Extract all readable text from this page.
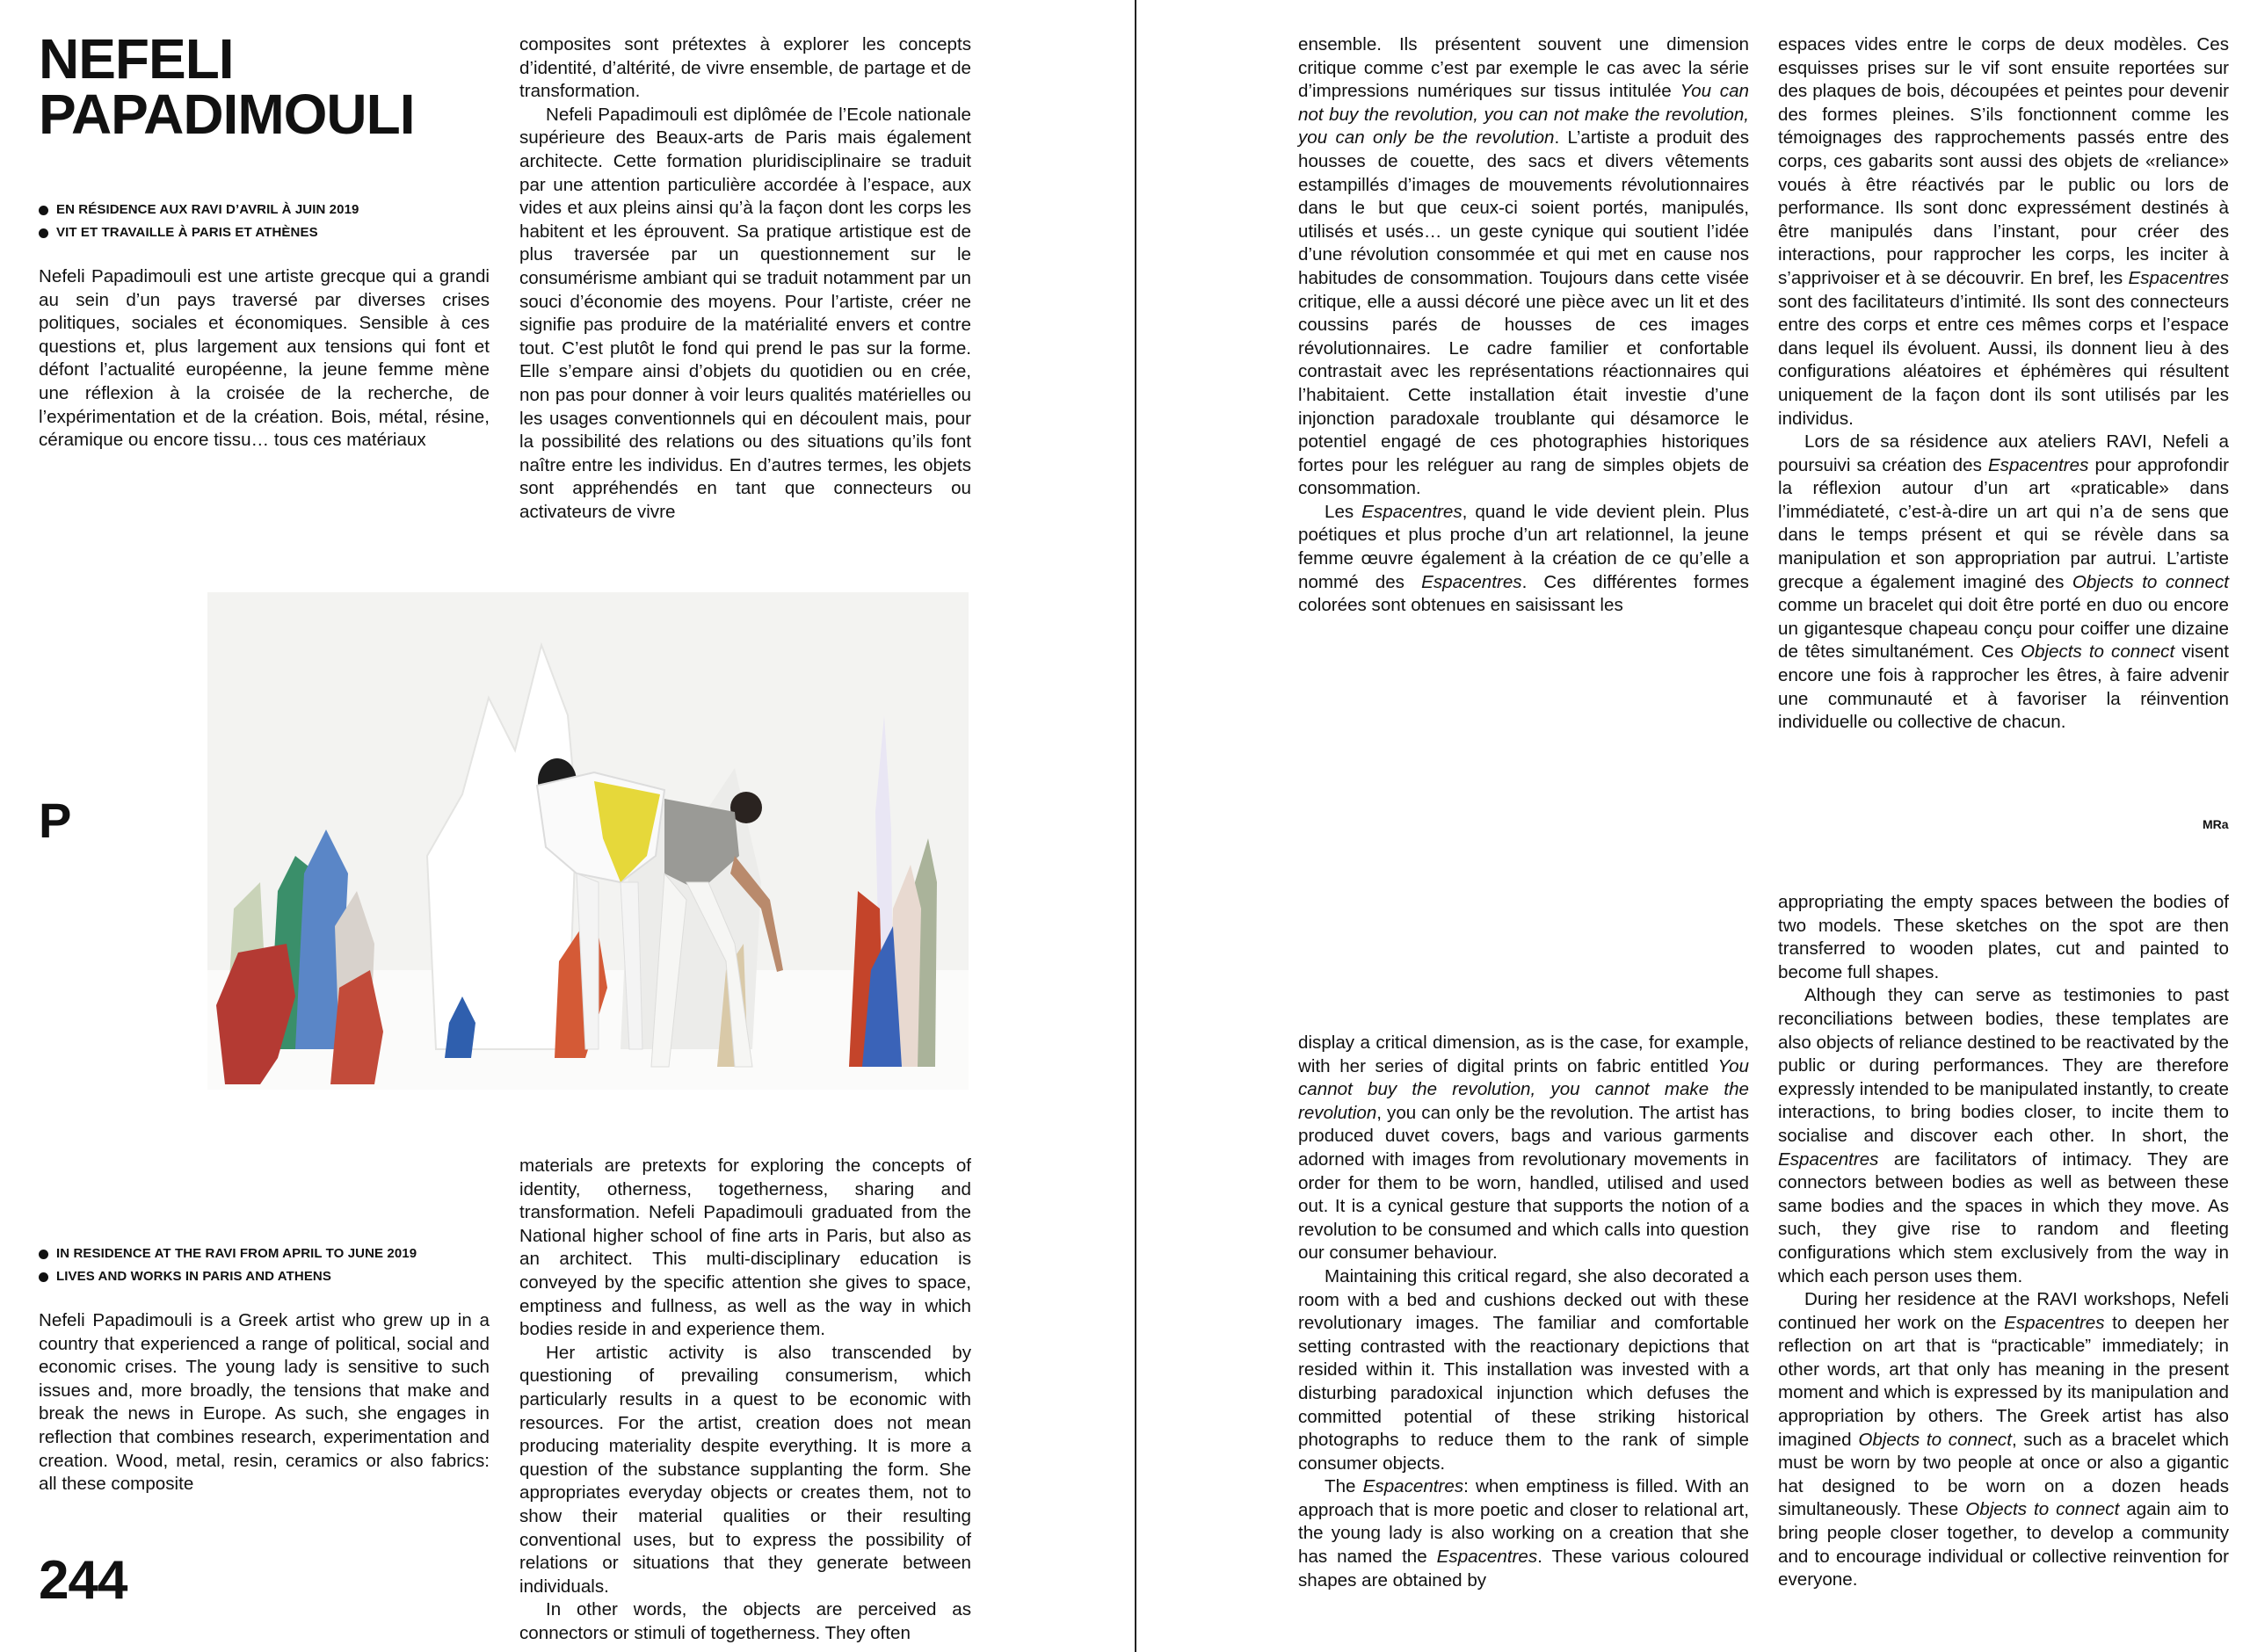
NEFELI
PAPADIMOULI
EN RÉSIDENCE AUX RAVI D’AVRIL À JUIN 2019
VIT ET TRAVAILLE À PARIS ET ATHÈNES

Nefeli Papadimouli est une artiste grecque qui a grandi au sein d’un pays traversé par diverses crises politiques, sociales et économiques. Sensible à ces questions et, plus largement aux tensions qui font et défont l’actualité européenne, la jeune femme mène une réflexion à la croisée de la recherche, de l’expérimentation et de la création. Bois, métal, résine, céramique ou encore tissu… tous ces matériaux

composites sont prétextes à explorer les concepts d’identité, d’altérité, de vivre ensemble, de partage et de transformation.

Nefeli Papadimouli est diplômée de l’Ecole nationale supérieure des Beaux-arts de Paris mais également architecte. Cette formation pluridisciplinaire se traduit par une attention particulière accordée à l’espace, aux vides et aux pleins ainsi qu’à la façon dont les corps les habitent et les éprouvent. Sa pratique artistique est de plus traversée par un questionnement sur le consumérisme ambiant qui se traduit notamment par un souci d’économie des moyens. Pour l’artiste, créer ne signifie pas produire de la matérialité envers et contre tout. C’est plutôt le fond qui prend le pas sur la forme. Elle s’empare ainsi d’objets du quotidien ou en crée, non pas pour donner à voir leurs qualités matérielles ou les usages conventionnels qui en découlent mais, pour la possibilité des relations ou des situations qu’ils font naître entre les individus. En d’autres termes, les objets sont appréhendés en tant que connecteurs ou activateurs de vivre

P

materials are pretexts for exploring the concepts of identity, otherness, togetherness, sharing and transformation. Nefeli Papadimouli graduated from the National higher school of fine arts in Paris, but also as an architect. This multi-disciplinary education is conveyed by the specific attention she gives to space, emptiness and fullness, as well as the way in which bodies reside in and experience them.

Her artistic activity is also transcended by questioning of prevailing consumerism, which particularly results in a quest to be economic with resources. For the artist, creation does not mean producing materiality despite everything. It is more a question of the substance supplanting the form. She appropriates everyday objects or creates them, not to show their material qualities or their resulting conventional uses, but to express the possibility of relations or situations that they generate between individuals.

In other words, the objects are perceived as connectors or stimuli of togetherness. They often

IN RESIDENCE AT THE RAVI FROM APRIL TO JUNE 2019
LIVES AND WORKS IN PARIS AND ATHENS

Nefeli Papadimouli is a Greek artist who grew up in a country that experienced a range of political, social and economic crises. The young lady is sensitive to such issues and, more broadly, the tensions that make and break the news in Europe. As such, she engages in reflection that combines research, experimentation and creation. Wood, metal, resin, ceramics or also fabrics: all these composite

244

ensemble. Ils présentent souvent une dimension critique comme c’est par exemple le cas avec la série d’impressions numériques sur tissus intitulée You can not buy the revolution, you can not make the revolution, you can only be the revolution. L’artiste a produit des housses de couette, des sacs et divers vêtements estampillés d’images de mouvements révolutionnaires dans le but que ceux-ci soient portés, manipulés, utilisés et usés… un geste cynique qui soutient l’idée d’une révolution consommée et qui met en cause nos habitudes de consommation. Toujours dans cette visée critique, elle a aussi décoré une pièce avec un lit et des coussins parés de housses de ces images révolutionnaires. Le cadre familier et confortable contrastait avec les représentations réactionnaires qui l’habitaient. Cette installation était investie d’une injonction paradoxale troublante qui désamorce le potentiel engagé de ces photographies historiques fortes pour les reléguer au rang de simples objets de consommation.

Les Espacentres, quand le vide devient plein. Plus poétiques et plus proche d’un art relationnel, la jeune femme œuvre également à la création de ce qu’elle a nommé des Espacentres. Ces différentes formes colorées sont obtenues en saisissant les

espaces vides entre le corps de deux modèles. Ces esquisses prises sur le vif sont ensuite reportées sur des plaques de bois, découpées et peintes pour devenir des formes pleines. S’ils fonctionnent comme les témoignages des rapprochements passés entre des corps, ces gabarits sont aussi des objets de «reliance» voués à être réactivés par le public ou lors de performance. Ils sont donc expressément destinés à être manipulés dans l’instant, pour créer des interactions, pour rapprocher les corps, les inciter à s’apprivoiser et à se découvrir. En bref, les Espacentres sont des facilitateurs d’intimité. Ils sont des connecteurs entre des corps et entre ces mêmes corps et l’espace dans lequel ils évoluent. Aussi, ils donnent lieu à des configurations aléatoires et éphémères qui résultent uniquement de la façon dont ils sont utilisés par les individus.

Lors de sa résidence aux ateliers RAVI, Nefeli a poursuivi sa création des Espacentres pour approfondir la réflexion autour d’un art «praticable» dans l’immédiateté, c’est-à-dire un art qui n’a de sens que dans le temps présent et qui se révèle dans sa manipulation et son appropriation par autrui. L’artiste grecque a également imaginé des Objects to connect comme un bracelet qui doit être porté en duo ou encore un gigantesque chapeau conçu pour coiffer une dizaine de têtes simultanément. Ces Objects to connect visent encore une fois à rapprocher les êtres, à faire advenir une communauté et à favoriser la réinvention individuelle ou collective de chacun.

MRa

display a critical dimension, as is the case, for example, with her series of digital prints on fabric entitled You cannot buy the revolution, you cannot make the revolution, you can only be the revolution. The artist has produced duvet covers, bags and various garments adorned with images from revolutionary movements in order for them to be worn, handled, utilised and used out. It is a cynical gesture that supports the notion of a revolution to be consumed and which calls into question our consumer behaviour.

Maintaining this critical regard, she also decorated a room with a bed and cushions decked out with these revolutionary images. The familiar and comfortable setting contrasted with the reactionary depictions that resided within it. This installation was invested with a disturbing paradoxical injunction which defuses the committed potential of these striking historical photographs to reduce them to the rank of simple consumer objects.

The Espacentres: when emptiness is filled. With an approach that is more poetic and closer to relational art, the young lady is also working on a creation that she has named the Espacentres. These various coloured shapes are obtained by

appropriating the empty spaces between the bodies of two models. These sketches on the spot are then transferred to wooden plates, cut and painted to become full shapes.

Although they can serve as testimonies to past reconciliations between bodies, these templates are also objects of reliance destined to be reactivated by the public or during performances. They are therefore expressly intended to be manipulated instantly, to create interactions, to bring bodies closer, to incite them to socialise and discover each other. In short, the Espacentres are facilitators of intimacy. They are connectors between bodies as well as between these same bodies and the spaces in which they move. As such, they give rise to random and fleeting configurations which stem exclusively from the way in which each person uses them.

During her residence at the RAVI workshops, Nefeli continued her work on the Espacentres to deepen her reflection on art that is “practicable” immediately; in other words, art that only has meaning in the present moment and which is expressed by its manipulation and appropriation by others. The Greek artist has also imagined Objects to connect, such as a bracelet which must be worn by two people at once or also a gigantic hat designed to be worn on a dozen heads simultaneously. These Objects to connect again aim to bring people closer together, to develop a community and to encourage individual or collective reinvention for everyone.
